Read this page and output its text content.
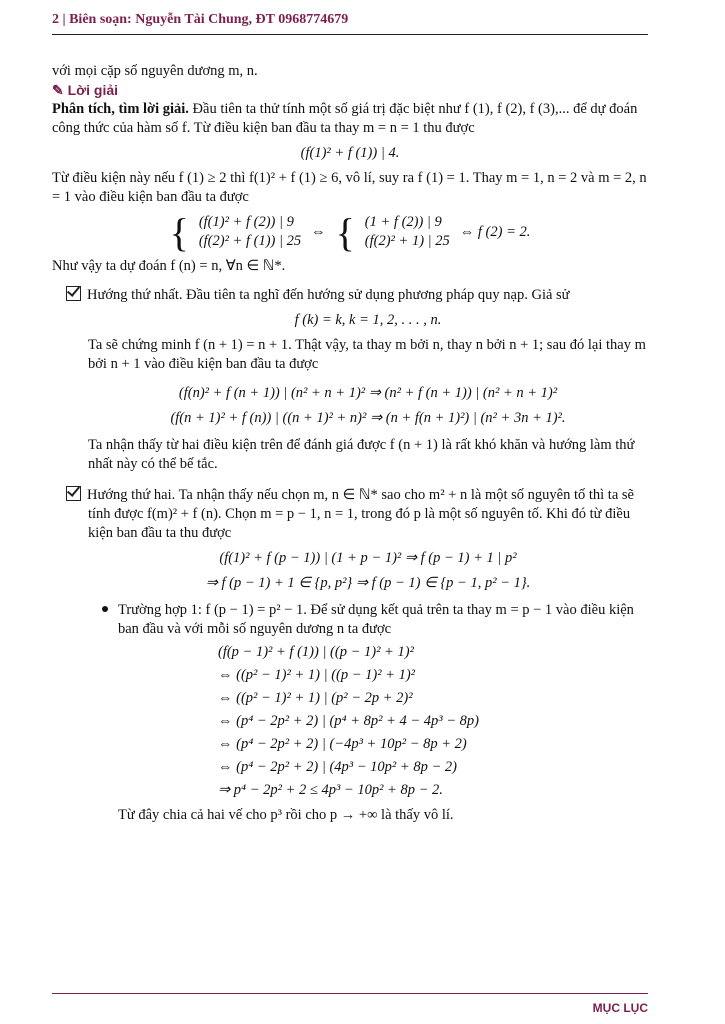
2 | Biên soạn: Nguyễn Tài Chung, ĐT 0968774679

với mọi cặp số nguyên dương m, n.

✎ Lời giải

Phân tích, tìm lời giải. Đầu tiên ta thử tính một số giá trị đặc biệt như f (1), f (2), f (3),... để dự đoán công thức của hàm số f. Từ điều kiện ban đầu ta thay m = n = 1 thu được

(f(1)² + f (1)) | 4.

Từ điều kiện này nếu f (1) ≥ 2 thì f(1)² + f (1) ≥ 6, vô lí, suy ra f (1) = 1. Thay m = 1, n = 2 và m = 2, n = 1 vào điều kiện ban đầu ta được

{ (f(1)² + f (2)) | 9
(f(2)² + f (1)) | 25
⇔ { (1 + f (2)) | 9
(f(2)² + 1) | 25
⇔ f (2) = 2.

Như vậy ta dự đoán f (n) = n, ∀n ∈ ℕ*.

Hướng thứ nhất. Đầu tiên ta nghĩ đến hướng sử dụng phương pháp quy nạp. Giả sử

f (k) = k, k = 1, 2, . . . , n.

Ta sẽ chứng minh f (n + 1) = n + 1. Thật vậy, ta thay m bởi n, thay n bởi n + 1; sau đó lại thay m bởi n + 1 vào điều kiện ban đầu ta được

(f(n)² + f (n + 1)) | (n² + n + 1)² ⇒ (n² + f (n + 1)) | (n² + n + 1)²

(f(n + 1)² + f (n)) | ((n + 1)² + n)² ⇒ (n + f(n + 1)²) | (n² + 3n + 1)².

Ta nhận thấy từ hai điều kiện trên để đánh giá được f (n + 1) là rất khó khăn và hướng làm thứ nhất này có thể bế tắc.

Hướng thứ hai. Ta nhận thấy nếu chọn m, n ∈ ℕ* sao cho m² + n là một số nguyên tố thì ta sẽ tính được f(m)² + f (n). Chọn m = p − 1, n = 1, trong đó p là một số nguyên tố. Khi đó từ điều kiện ban đầu ta thu được

(f(1)² + f (p − 1)) | (1 + p − 1)² ⇒ f (p − 1) + 1 | p²

⇒ f (p − 1) + 1 ∈ {p, p²} ⇒ f (p − 1) ∈ {p − 1, p² − 1}.

Trường hợp 1: f (p − 1) = p² − 1. Để sử dụng kết quả trên ta thay m = p − 1 vào điều kiện ban đầu và với mỗi số nguyên dương n ta được

(f(p − 1)² + f (1)) | ((p − 1)² + 1)²

⇔ ((p² − 1)² + 1) | ((p − 1)² + 1)²

⇔ ((p² − 1)² + 1) | (p² − 2p + 2)²

⇔ (p⁴ − 2p² + 2) | (p⁴ + 8p² + 4 − 4p³ − 8p)

⇔ (p⁴ − 2p² + 2) | (−4p³ + 10p² − 8p + 2)

⇔ (p⁴ − 2p² + 2) | (4p³ − 10p² + 8p − 2)

⇒ p⁴ − 2p² + 2 ≤ 4p³ − 10p² + 8p − 2.

Từ đây chia cả hai vế cho p³ rồi cho p → +∞ là thấy vô lí.

MỤC LỤC
